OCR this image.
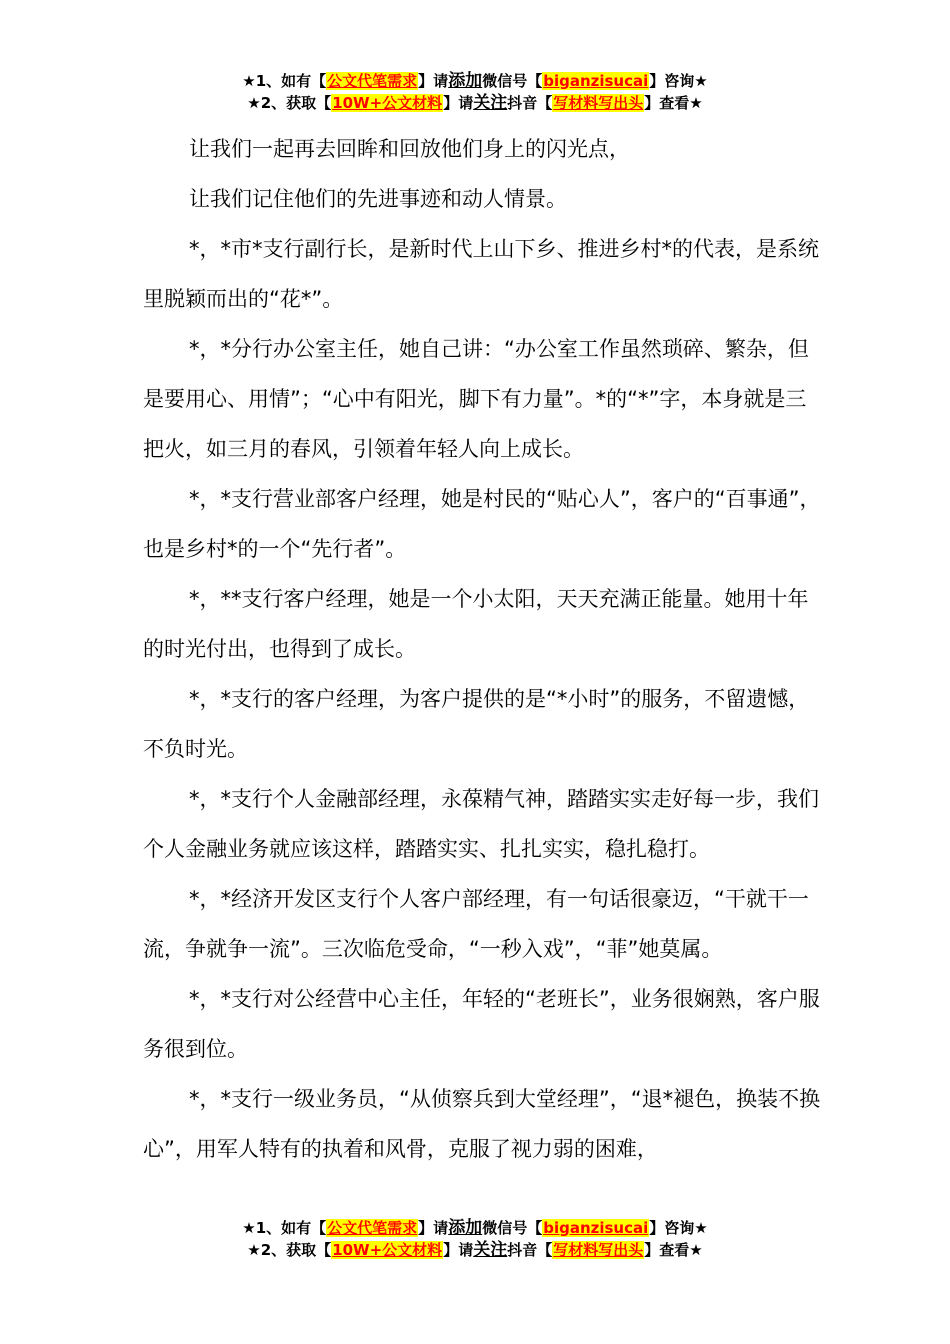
★1、如有【公文代笔需求】请添加微信号【biganzisucai】咨询★
★2、获取【10W+公文材料】请关注抖音【写材料写出头】查看★

让我们一起再去回眸和回放他们身上的闪光点，

让我们记住他们的先进事迹和动人情景。

*，*市*支行副行长，是新时代上山下乡、推进乡村*的代表，是系统里脱颖而出的“花*”。

*，*分行办公室主任，她自己讲：“办公室工作虽然琐碎、繁杂，但是要用心、用情”；“心中有阳光，脚下有力量”。*的“*”字，本身就是三把火，如三月的春风，引领着年轻人向上成长。

*，*支行营业部客户经理，她是村民的“贴心人”，客户的“百事通”，也是乡村*的一个“先行者”。

*，**支行客户经理，她是一个小太阳，天天充满正能量。她用十年的时光付出，也得到了成长。

*，*支行的客户经理，为客户提供的是“*小时”的服务，不留遗憾，不负时光。

*，*支行个人金融部经理，永葆精气神，踏踏实实走好每一步，我们个人金融业务就应该这样，踏踏实实、扎扎实实，稳扎稳打。

*，*经济开发区支行个人客户部经理，有一句话很豪迈，“干就干一流，争就争一流”。三次临危受命，“一秒入戏”，“菲”她莫属。

*，*支行对公经营中心主任，年轻的“老班长”，业务很娴熟，客户服务很到位。

*，*支行一级业务员，“从侦察兵到大堂经理”，“退*褪色，换装不换心”，用军人特有的执着和风骨，克服了视力弱的困难，

★1、如有【公文代笔需求】请添加微信号【biganzisucai】咨询★
★2、获取【10W+公文材料】请关注抖音【写材料写出头】查看★
